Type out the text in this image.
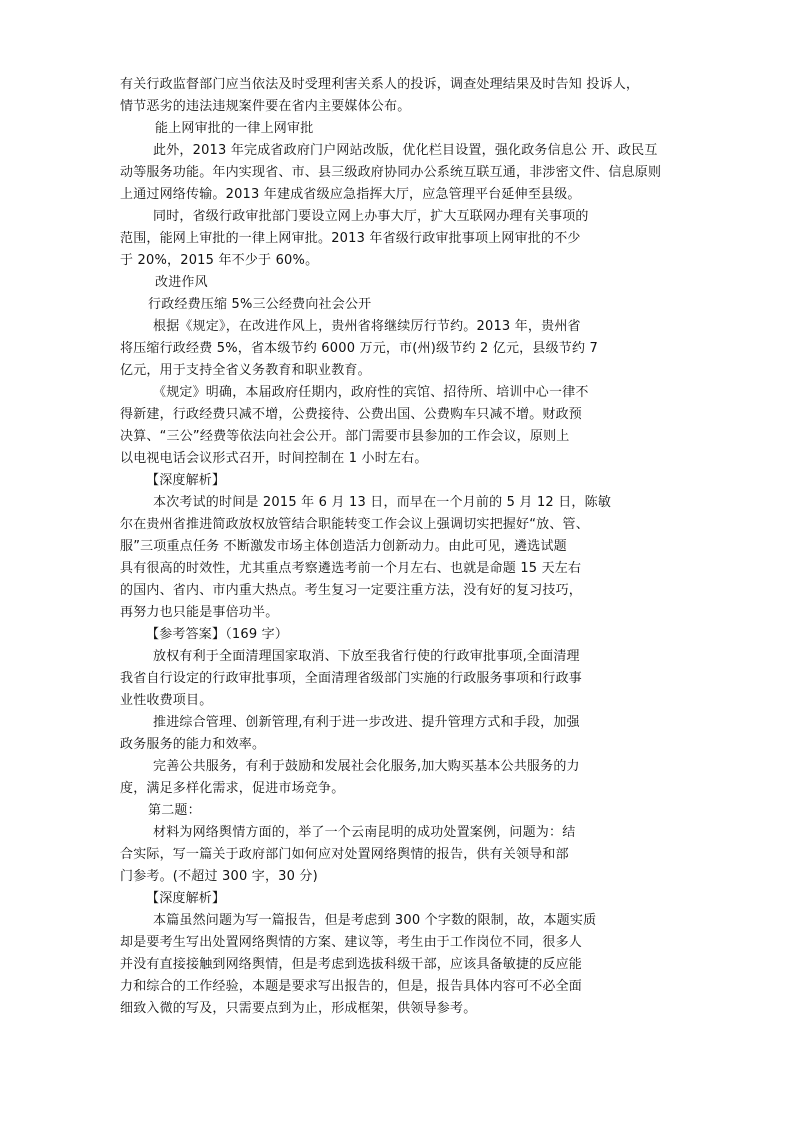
有关行政监督部门应当依法及时受理利害关系人的投诉，调查处理结果及时告知 投诉人，
情节恶劣的违法违规案件要在省内主要媒体公布。
能上网审批的一律上网审批
此外，2013 年完成省政府门户网站改版，优化栏目设置，强化政务信息公 开、政民互
动等服务功能。年内实现省、市、县三级政府协同办公系统互联互通，非涉密文件、信息原则
上通过网络传输。2013 年建成省级应急指挥大厅，应急管理平台延伸至县级。
同时，省级行政审批部门要设立网上办事大厅，扩大互联网办理有关事项的
范围，能网上审批的一律上网审批。2013 年省级行政审批事项上网审批的不少
于 20%，2015 年不少于 60%。
改进作风
行政经费压缩 5%三公经费向社会公开
根据《规定》，在改进作风上，贵州省将继续厉行节约。2013 年，贵州省
将压缩行政经费 5%，省本级节约 6000 万元，市(州)级节约 2 亿元，县级节约 7
亿元，用于支持全省义务教育和职业教育。
《规定》明确，本届政府任期内，政府性的宾馆、招待所、培训中心一律不
得新建，行政经费只减不增，公费接待、公费出国、公费购车只减不增。财政预
决算、“三公”经费等依法向社会公开。部门需要市县参加的工作会议，原则上
以电视电话会议形式召开，时间控制在 1 小时左右。
【深度解析】
本次考试的时间是 2015 年 6 月 13 日，而早在一个月前的 5 月 12 日，陈敏
尔在贵州省推进简政放权放管结合职能转变工作会议上强调切实把握好“放、管、
服”三项重点任务 不断激发市场主体创造活力创新动力。由此可见，遴选试题
具有很高的时效性，尤其重点考察遴选考前一个月左右、也就是命题 15 天左右
的国内、省内、市内重大热点。考生复习一定要注重方法，没有好的复习技巧，
再努力也只能是事倍功半。
【参考答案】（169 字）
放权有利于全面清理国家取消、下放至我省行使的行政审批事项,全面清理
我省自行设定的行政审批事项，全面清理省级部门实施的行政服务事项和行政事
业性收费项目。
推进综合管理、创新管理,有利于进一步改进、提升管理方式和手段，加强
政务服务的能力和效率。
完善公共服务，有利于鼓励和发展社会化服务,加大购买基本公共服务的力
度，满足多样化需求，促进市场竞争。
第二题：
材料为网络舆情方面的，举了一个云南昆明的成功处置案例，问题为：结
合实际，写一篇关于政府部门如何应对处置网络舆情的报告，供有关领导和部
门参考。(不超过 300 字，30 分)
【深度解析】
本篇虽然问题为写一篇报告，但是考虑到 300 个字数的限制，故，本题实质
却是要考生写出处置网络舆情的方案、建议等，考生由于工作岗位不同，很多人
并没有直接接触到网络舆情，但是考虑到选拔科级干部，应该具备敏捷的反应能
力和综合的工作经验，本题是要求写出报告的，但是，报告具体内容可不必全面
细致入微的写及，只需要点到为止，形成框架，供领导参考。
